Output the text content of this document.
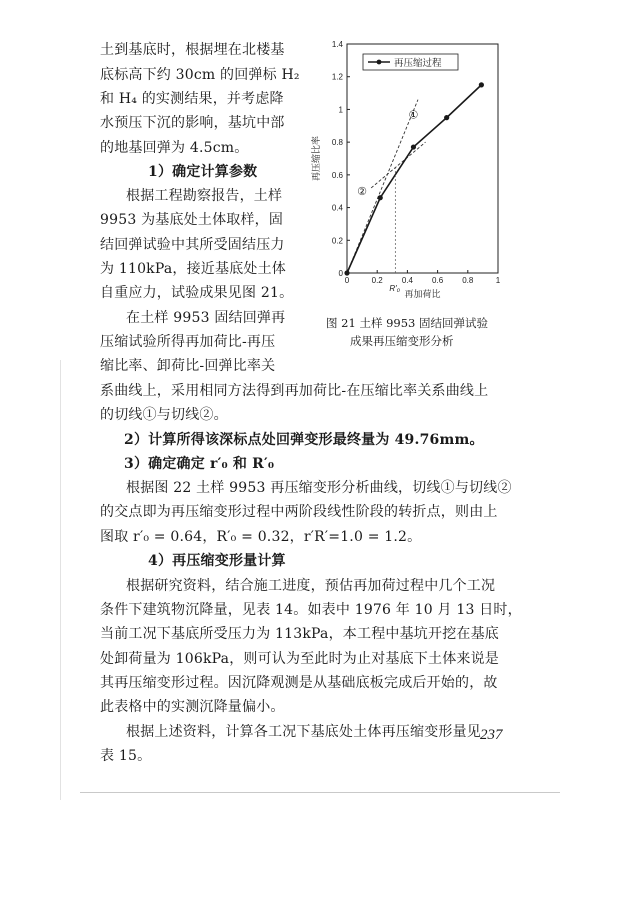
土到基底时，根据埋在北楼基
底标高下约 30cm 的回弹标 H₂
和 H₄ 的实测结果，并考虑降
水预压下沉的影响，基坑中部
的地基回弹为 4.5cm。
1）确定计算参数
根据工程勘察报告，土样
9953 为基底处土体取样，固
结回弹试验中其所受固结压力
为 110kPa，接近基底处土体
自重应力，试验成果见图 21。
在土样 9953 固结回弹再
压缩试验所得再加荷比-再压
缩比率、卸荷比-回弹比率关
0
0.2
0.4
0.6
0.8
1
1.2
1.4
0	0.2 0.4 0.6 0.8	1
再加荷比
再压缩比率
R′₀
①
②
再压缩过程
图 21 土样 9953 固结回弹试验
成果再压缩变形分析
系曲线上，采用相同方法得到再加荷比-在压缩比率关系曲线上
的切线①与切线②。
2）计算所得该深标点处回弹变形最终量为 49.76mm。
3）确定确定 r′₀ 和 R′₀
根据图 22 土样 9953 再压缩变形分析曲线，切线①与切线②
的交点即为再压缩变形过程中两阶段线性阶段的转折点，则由上
图取 r′₀ = 0.64，R′₀ = 0.32，r′R′=1.0 = 1.2。
4）再压缩变形量计算
根据研究资料，结合施工进度，预估再加荷过程中几个工况
条件下建筑物沉降量，见表 14。如表中 1976 年 10 月 13 日时，
当前工况下基底所受压力为 113kPa，本工程中基坑开挖在基底
处卸荷量为 106kPa，则可认为至此时为止对基底下土体来说是
其再压缩变形过程。因沉降观测是从基础底板完成后开始的，故
此表格中的实测沉降量偏小。
根据上述资料，计算各工况下基底处土体再压缩变形量见
表 15。
237
